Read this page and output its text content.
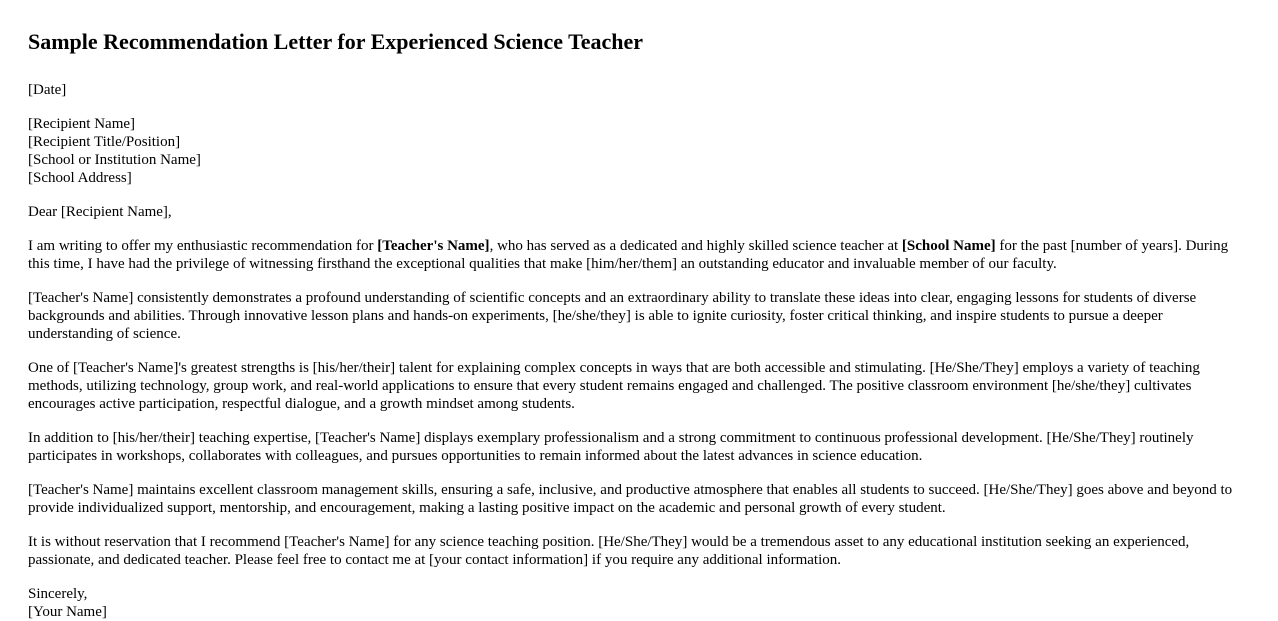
Sample Recommendation Letter for Experienced Science Teacher

[Date]

[Recipient Name]
[Recipient Title/Position]
[School or Institution Name]
[School Address]

Dear [Recipient Name],

I am writing to offer my enthusiastic recommendation for [Teacher's Name], who has served as a dedicated and highly skilled science teacher at [School Name] for the past [number of years]. During this time, I have had the privilege of witnessing firsthand the exceptional qualities that make [him/her/them] an outstanding educator and invaluable member of our faculty.

[Teacher's Name] consistently demonstrates a profound understanding of scientific concepts and an extraordinary ability to translate these ideas into clear, engaging lessons for students of diverse backgrounds and abilities. Through innovative lesson plans and hands-on experiments, [he/she/they] is able to ignite curiosity, foster critical thinking, and inspire students to pursue a deeper understanding of science.

One of [Teacher's Name]'s greatest strengths is [his/her/their] talent for explaining complex concepts in ways that are both accessible and stimulating. [He/She/They] employs a variety of teaching methods, utilizing technology, group work, and real-world applications to ensure that every student remains engaged and challenged. The positive classroom environment [he/she/they] cultivates encourages active participation, respectful dialogue, and a growth mindset among students.

In addition to [his/her/their] teaching expertise, [Teacher's Name] displays exemplary professionalism and a strong commitment to continuous professional development. [He/She/They] routinely participates in workshops, collaborates with colleagues, and pursues opportunities to remain informed about the latest advances in science education.

[Teacher's Name] maintains excellent classroom management skills, ensuring a safe, inclusive, and productive atmosphere that enables all students to succeed. [He/She/They] goes above and beyond to provide individualized support, mentorship, and encouragement, making a lasting positive impact on the academic and personal growth of every student.

It is without reservation that I recommend [Teacher's Name] for any science teaching position. [He/She/They] would be a tremendous asset to any educational institution seeking an experienced, passionate, and dedicated teacher. Please feel free to contact me at [your contact information] if you require any additional information.

Sincerely,
[Your Name]
